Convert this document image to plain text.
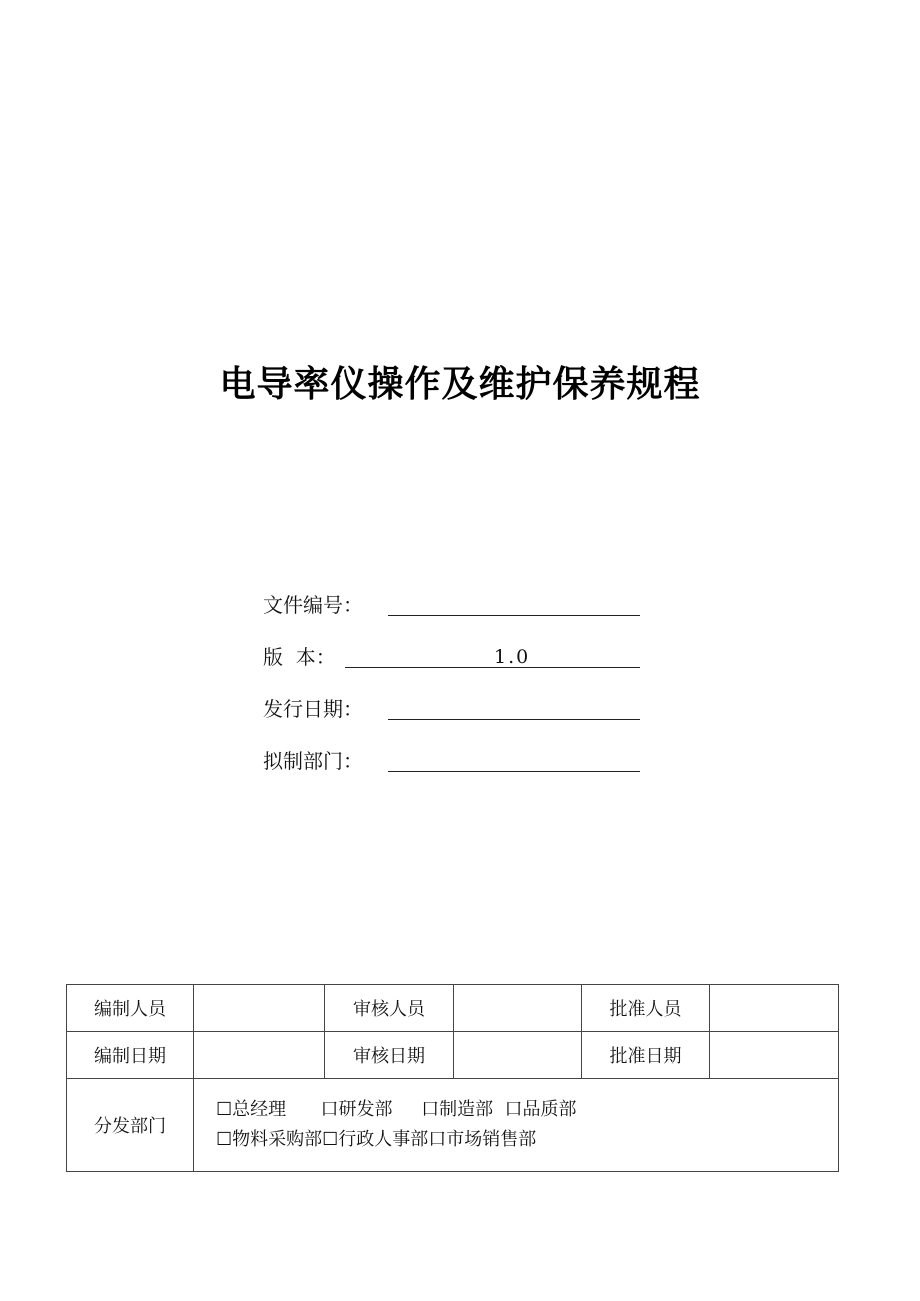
电导率仪操作及维护保养规程
文件编号：
版  本：	1.0
发行日期：
拟制部门：
编制人员		审核人员		批准人员	
编制日期		审核日期		批准日期	
分发部门	☐总经理      口研发部     口制造部  口品质部
☐物料采购部☐行政人事部口市场销售部				
